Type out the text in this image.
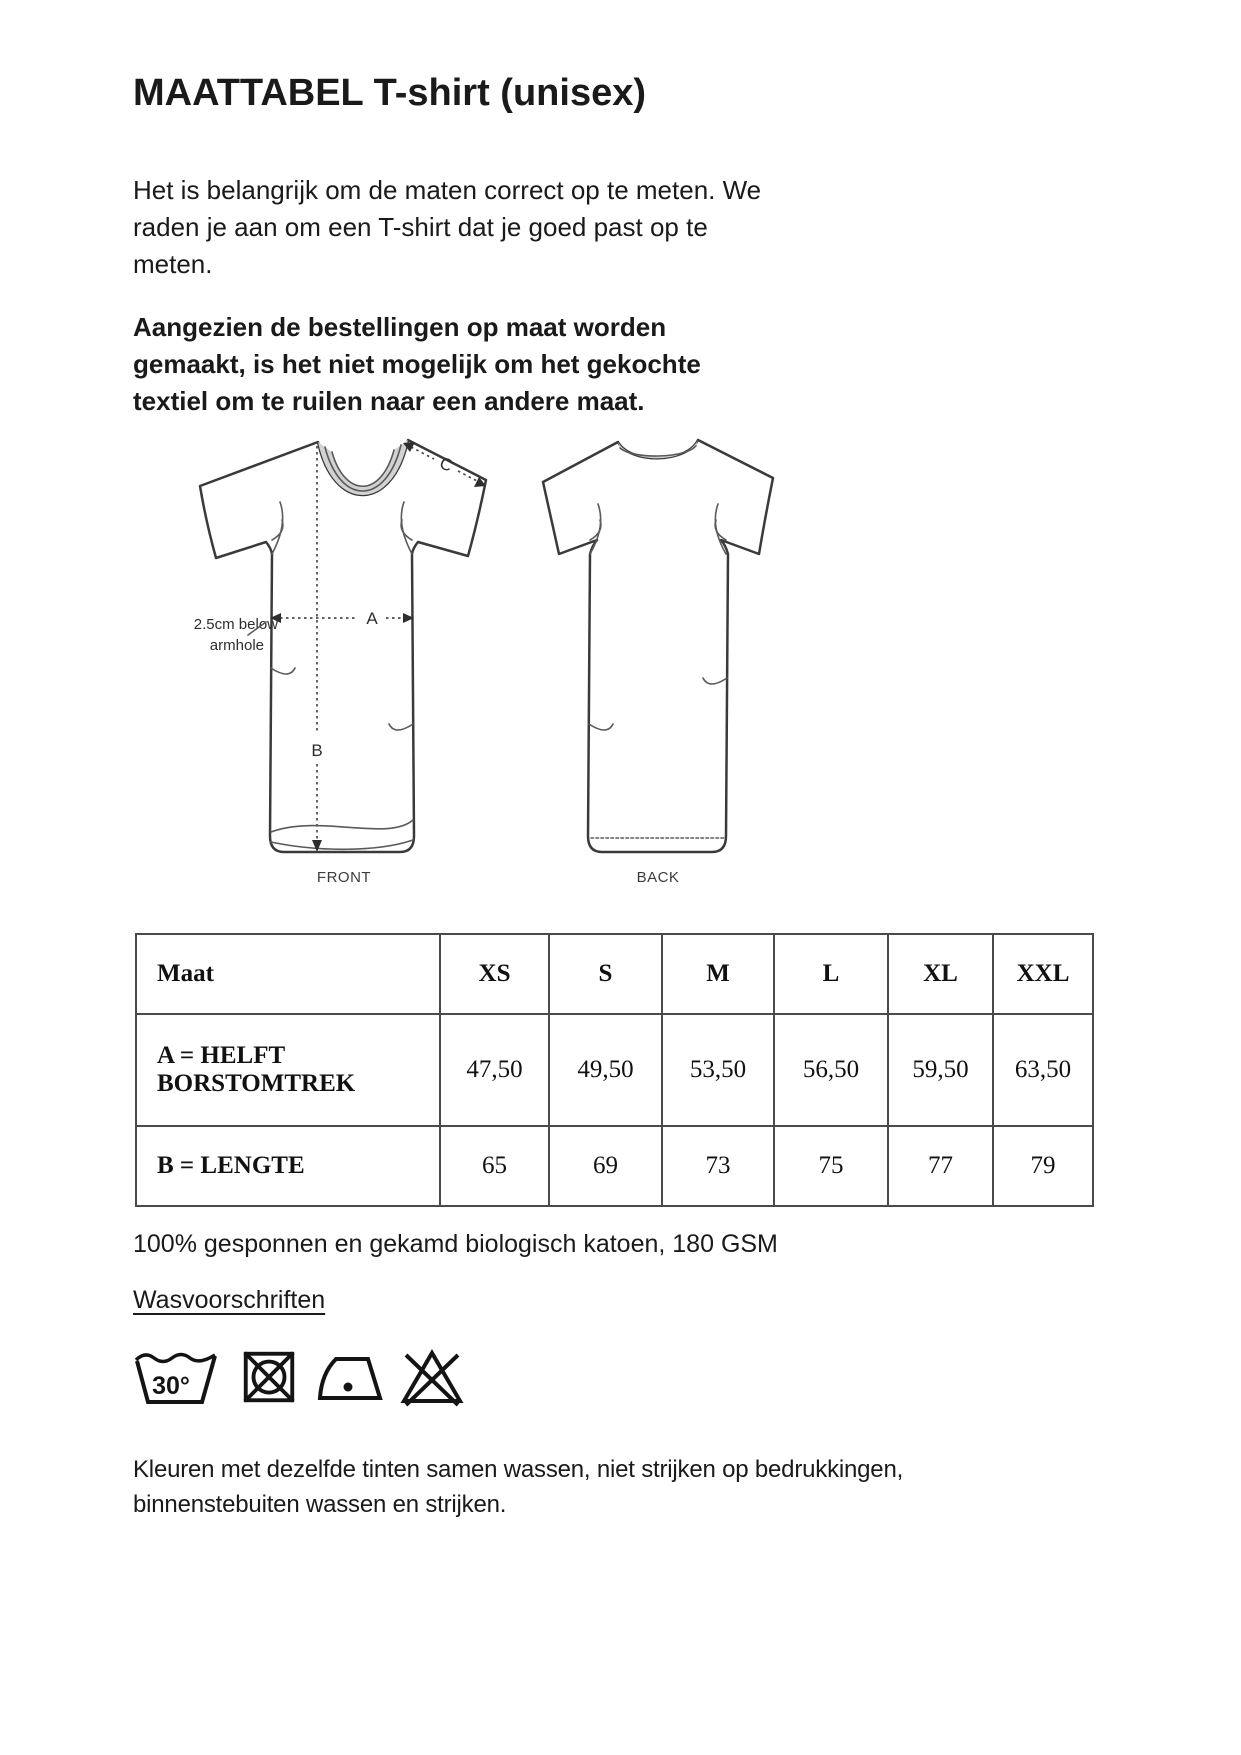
MAATTABEL T-shirt (unisex)
Het is belangrijk om de maten correct op te meten. We
raden je aan om een T-shirt dat je goed past op te
meten.
Aangezien de bestellingen op maat worden
gemaakt, is het niet mogelijk om het gekochte
textiel om te ruilen naar een andere maat.
A
B
C
2.5cm below
armhole
FRONT	BACK
Maat	XS	S	M	L	XL	XXL
A = HELFT BORSTOMTREK	47,50	49,50	53,50	56,50	59,50	63,50
B = LENGTE	65	69	73	75	77	79
100% gesponnen en gekamd biologisch katoen, 180 GSM
Wasvoorschriften
30°
Kleuren met dezelfde tinten samen wassen, niet strijken op bedrukkingen,
binnenstebuiten wassen en strijken.
